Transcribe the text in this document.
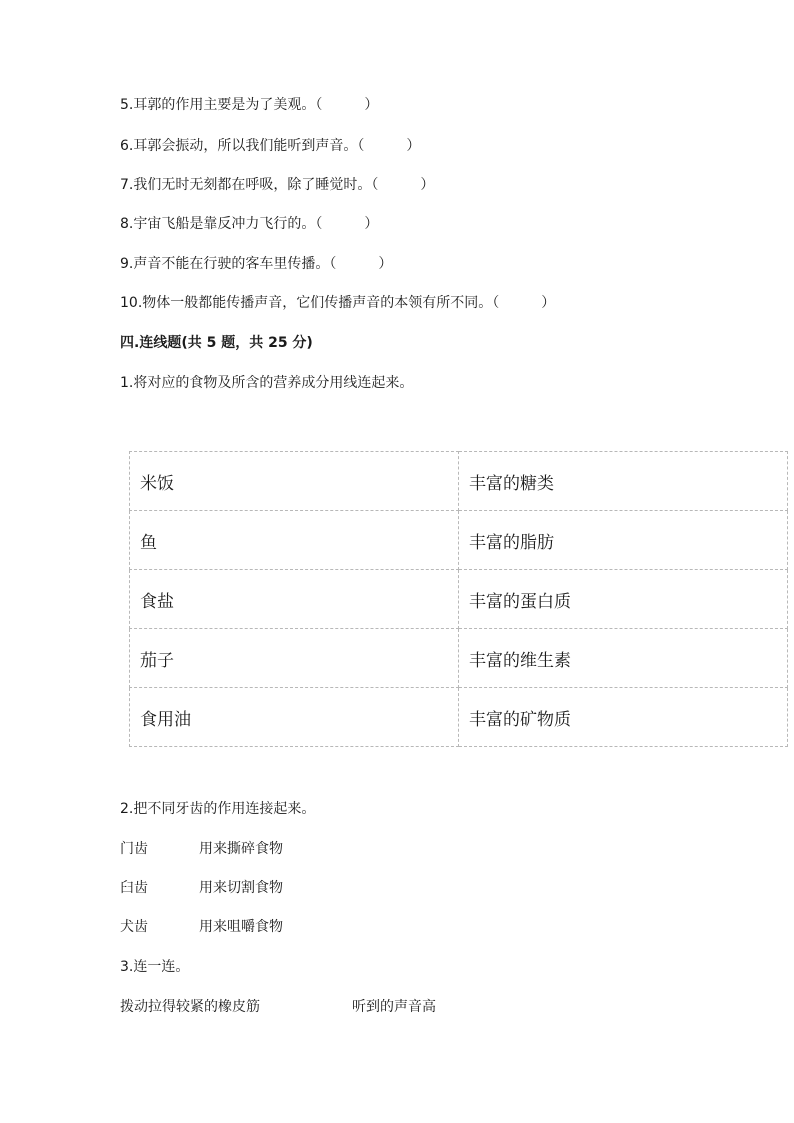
5.耳郭的作用主要是为了美观。（　　　）
6.耳郭会振动，所以我们能听到声音。（　　　）
7.我们无时无刻都在呼吸，除了睡觉时。（　　　）
8.宇宙飞船是靠反冲力飞行的。（　　　）
9.声音不能在行驶的客车里传播。（　　　）
10.物体一般都能传播声音，它们传播声音的本领有所不同。（　　　）
四.连线题(共 5 题，共 25 分)
1.将对应的食物及所含的营养成分用线连起来。
米饭	丰富的糖类
鱼	丰富的脂肪
食盐	丰富的蛋白质
茄子	丰富的维生素
食用油	丰富的矿物质
2.把不同牙齿的作用连接起来。
门齿	用来撕碎食物
臼齿	用来切割食物
犬齿	用来咀嚼食物
3.连一连。
拨动拉得较紧的橡皮筋	听到的声音高
